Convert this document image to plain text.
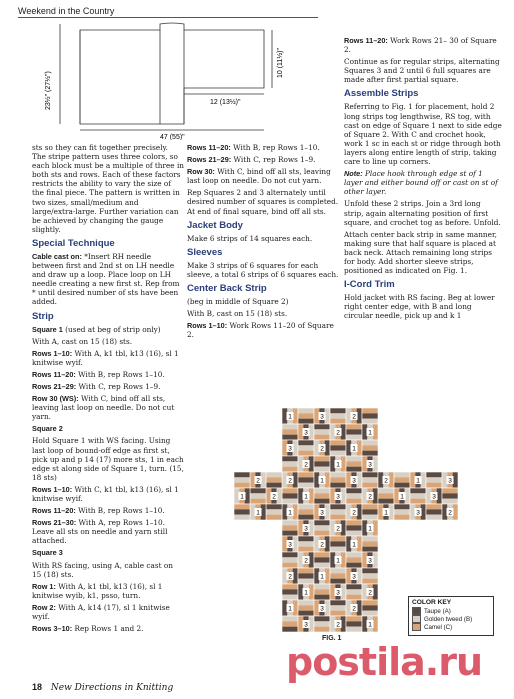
Weekend in the Country
23½" (27½")
10 (11½)"
12 (13½)"
47 (55)"

sts so they can fit together precisely. The stripe pattern uses three colors, so each block must be a multiple of three in both sts and rows. Each of these factors restricts the ability to vary the size of the final piece. The pattern is written in two sizes, small/medium and large/extra-large. Further variation can be achieved by changing the gauge slightly.

Special Technique

Cable cast on: *Insert RH needle between first and 2nd st on LH needle and draw up a loop. Place loop on LH needle creating a new first st. Rep from * until desired number of sts have been added.

Strip

Square 1 (used at beg of strip only)

With A, cast on 15 (18) sts.

Rows 1–10: With A, k1 tbl, k13 (16), sl 1 knitwise wyif.

Rows 11–20: With B, rep Rows 1–10.

Rows 21–29: With C, rep Rows 1–9.

Row 30 (WS): With C, bind off all sts, leaving last loop on needle. Do not cut yarn.

Square 2

Hold Square 1 with WS facing. Using last loop of bound-off edge as first st, pick up and p 14 (17) more sts, 1 in each edge st along side of Square 1, turn. (15, 18 sts)

Rows 1–10: With C, k1 tbl, k13 (16), sl 1 knitwise wyif.

Rows 11–20: With B, rep Rows 1–10.

Rows 21–30: With A, rep Rows 1–10. Leave all sts on needle and yarn still attached.

Square 3

With RS facing, using A, cable cast on 15 (18) sts.

Row 1: With A, k1 tbl, k13 (16), sl 1 knitwise wyib, k1, psso, turn.

Row 2: With A, k14 (17), sl 1 knitwise wyif.

Rows 3–10: Rep Rows 1 and 2.

Rows 11–20: With B, rep Rows 1–10.

Rows 21–29: With C, rep Rows 1–9.

Row 30: With C, bind off all sts, leaving last loop on needle. Do not cut yarn.

Rep Squares 2 and 3 alternately until desired number of squares is completed. At end of final square, bind off all sts.

Jacket Body

Make 6 strips of 14 squares each.

Sleeves

Make 3 strips of 6 squares for each sleeve, a total 6 strips of 6 squares each.

Center Back Strip

(beg in middle of Square 2)

With B, cast on 15 (18) sts.

Rows 1–10: Work Rows 11–20 of Square 2.

Rows 11–20: Work Rows 21– 30 of Square 2.

Continue as for regular strips, alternating Squares 3 and 2 until 6 full squares are made after first partial square.

Assemble Strips

Referring to Fig. 1 for placement, hold 2 long strips tog lengthwise, RS tog, with cast on edge of Square 1 next to side edge of Square 2. With C and crochet hook, work 1 sc in each st or ridge through both layers along entire length of strip, taking care to line up corners.

Note: Place hook through edge st of 1 layer and either bound off or cast on st of other layer.

Unfold these 2 strips. Join a 3rd long strip, again alternating position of first square, and crochet tog as before. Unfold.

Attach center back strip in same manner, making sure that half square is placed at back neck. Attach remaining long strips for body. Add shorter sleeve strips, positioned as indicated on Fig. 1.

I-Cord Trim

Hold jacket with RS facing. Beg at lower right center edge, with B and long circular needle, pick up and k 1

1
3
2
1
3
2
1
3
2
1
3
2
1
3
3
2
1
3
2
1
3
2
1
3
2
1
3
2
2
1
3
2
1
3
2
1
3
2
1
3
2
1
2
2	1	3
2	1
1	3
1
1	3	2
FIG. 1
COLOR KEY
Taupe (A)
Golden tweed (B)
Camel (C)
18 New Directions in Knitting
postila.ru
